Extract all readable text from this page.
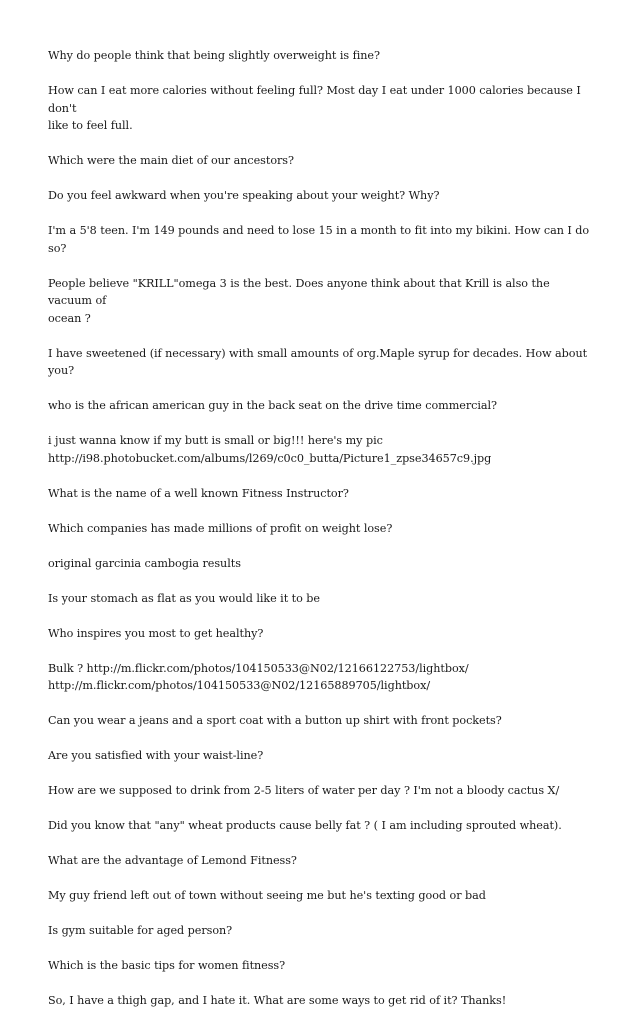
Why do people think that being slightly overweight is fine?

How can I eat more calories without feeling full? Most day I eat under 1000 calories because I don't
like to feel full.

Which were the main diet of our ancestors?

Do you feel awkward when you're speaking about your weight? Why?

I'm a 5'8 teen. I'm 149 pounds and need to lose 15 in a month to fit into my bikini. How can I do so?

People believe "KRILL"omega 3 is the best. Does anyone think about that Krill is also the vacuum of
ocean ?

I have sweetened (if necessary) with small amounts of org.Maple syrup for decades. How about you?

who is the african american guy in the back seat on the drive time commercial?

i just wanna know if my butt is small or big!!! here's my pic
http://i98.photobucket.com/albums/l269/c0c0_butta/Picture1_zpse34657c9.jpg

What is the name of a well known Fitness Instructor?

Which companies has made millions of profit on weight lose?

original garcinia cambogia results

Is your stomach as flat as you would like it to be

Who inspires you most to get healthy?

Bulk ? http://m.flickr.com/photos/104150533@N02/12166122753/lightbox/
http://m.flickr.com/photos/104150533@N02/12165889705/lightbox/

Can you wear a jeans and a sport coat with a button up shirt with front pockets?

Are you satisfied with your waist-line?

How are we supposed to drink from 2-5 liters of water per day ? I'm not a bloody cactus X/

Did you know that "any" wheat products cause belly fat ? ( I am including sprouted wheat).

What are the advantage of Lemond Fitness?

My guy friend left out of town without seeing me but he's texting good or bad

Is gym suitable for aged person?

Which is the basic tips for women fitness?

So, I have a thigh gap, and I hate it. What are some ways to get rid of it? Thanks!
